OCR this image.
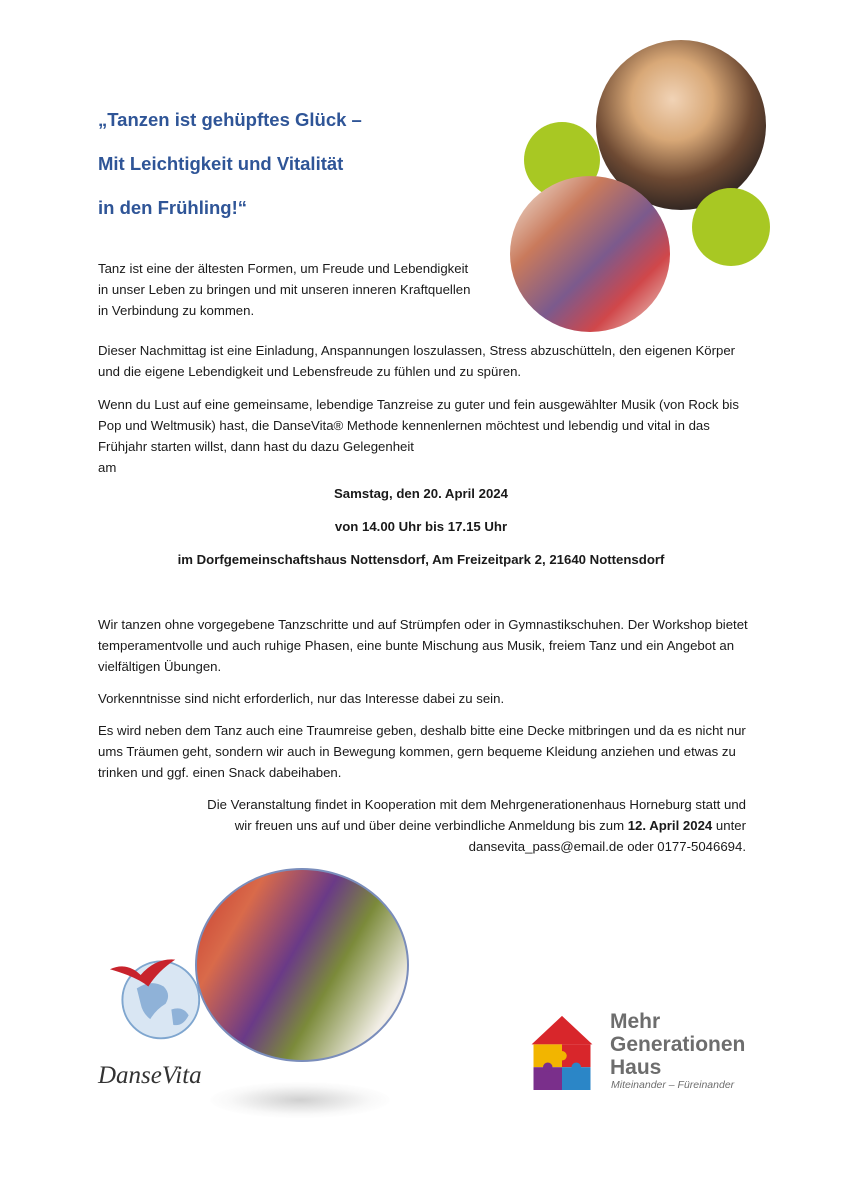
„Tanzen ist gehüpftes Glück –
Mit Leichtigkeit und Vitalität
in den Frühling!“
Tanz ist eine der ältesten Formen, um Freude und Lebendigkeit
in unser Leben zu bringen und mit unseren inneren Kraftquellen
in Verbindung zu kommen.
Dieser Nachmittag ist eine Einladung, Anspannungen loszulassen, Stress abzuschütteln, den eigenen Körper und die eigene Lebendigkeit und Lebensfreude zu fühlen und zu spüren.
Wenn du Lust auf eine gemeinsame, lebendige Tanzreise zu guter und fein ausgewählter Musik (von Rock bis Pop und Weltmusik) hast, die DanseVita® Methode kennenlernen möchtest und lebendig und vital in das Frühjahr starten willst, dann hast du dazu Gelegenheit
am
Samstag, den 20. April 2024
von 14.00 Uhr bis 17.15 Uhr
im Dorfgemeinschaftshaus Nottensdorf, Am Freizeitpark 2, 21640 Nottensdorf
Wir tanzen ohne vorgegebene Tanzschritte und auf Strümpfen oder in Gymnastikschuhen. Der Workshop bietet temperamentvolle und auch ruhige Phasen, eine bunte Mischung aus Musik, freiem Tanz und ein Angebot an vielfältigen Übungen.
Vorkenntnisse sind nicht erforderlich, nur das Interesse dabei zu sein.
Es wird neben dem Tanz auch eine Traumreise geben, deshalb bitte eine Decke mitbringen und da es nicht nur ums Träumen geht, sondern wir auch in Bewegung kommen, gern bequeme Kleidung anziehen und etwas zu trinken und ggf. einen Snack dabeihaben.
Die Veranstaltung findet in Kooperation mit dem Mehrgenerationenhaus Horneburg statt und
wir freuen uns auf und über deine verbindliche Anmeldung bis zum 12. April 2024 unter
dansevita_pass@email.de oder 0177-5046694.
DanseVita
Mehr
Generationen
Haus
Miteinander – Füreinander
